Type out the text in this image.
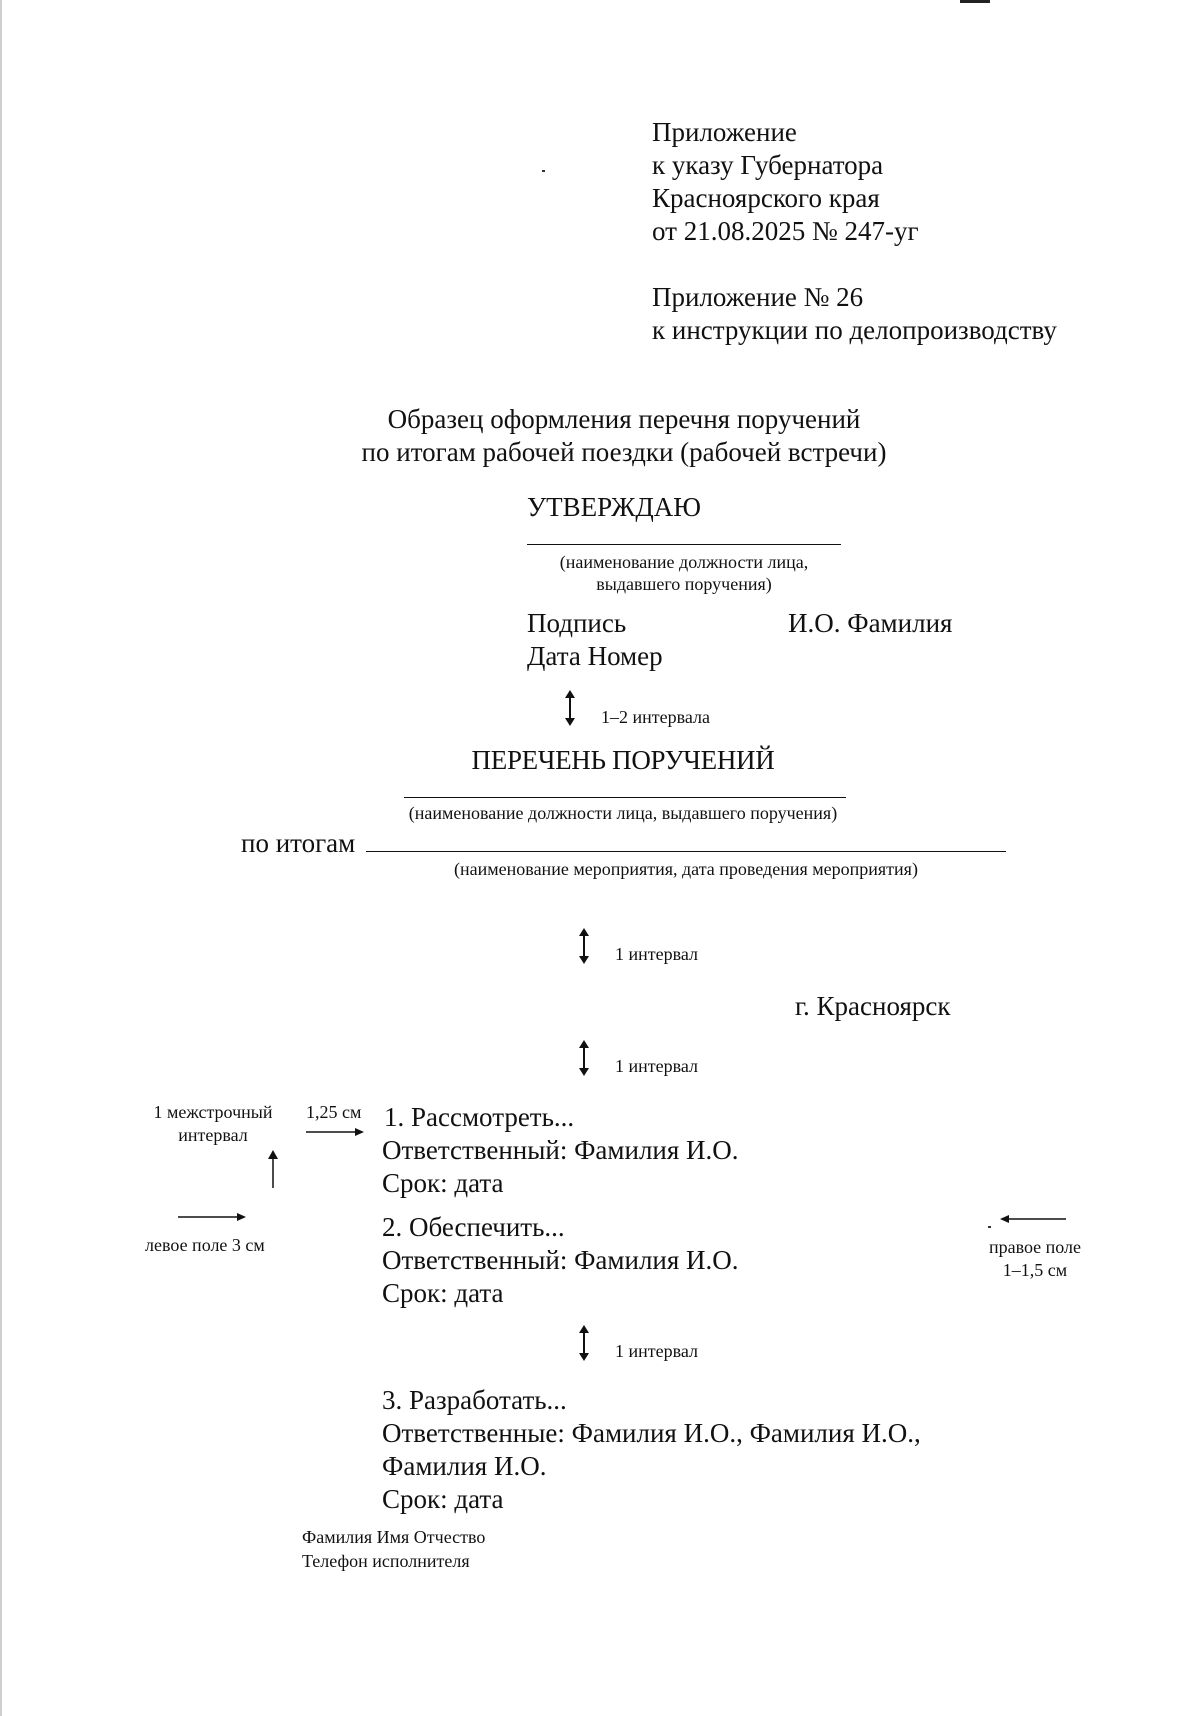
Приложение
к указу Губернатора
Красноярского края
от 21.08.2025 № 247-уг
Приложение № 26
к инструкции по делопроизводству
Образец оформления перечня поручений
по итогам рабочей поездки (рабочей встречи)
УТВЕРЖДАЮ
(наименование должности лица,
выдавшего поручения)
Подпись	И.О. Фамилия
Дата Номер
1–2 интервала
ПЕРЕЧЕНЬ ПОРУЧЕНИЙ
(наименование должности лица, выдавшего поручения)
по итогам
(наименование мероприятия, дата проведения мероприятия)
1 интервал
г. Красноярск
1 интервал
1 межстрочный
интервал
1,25 см
левое поле 3 см	правое поле
1–1,5 см
1. Рассмотреть...
Ответственный: Фамилия И.О.
Срок: дата
2. Обеспечить...
Ответственный: Фамилия И.О.
Срок: дата
1 интервал
3. Разработать...
Ответственные: Фамилия И.О., Фамилия И.О.,
Фамилия И.О.
Срок: дата
Фамилия Имя Отчество
Телефон исполнителя
